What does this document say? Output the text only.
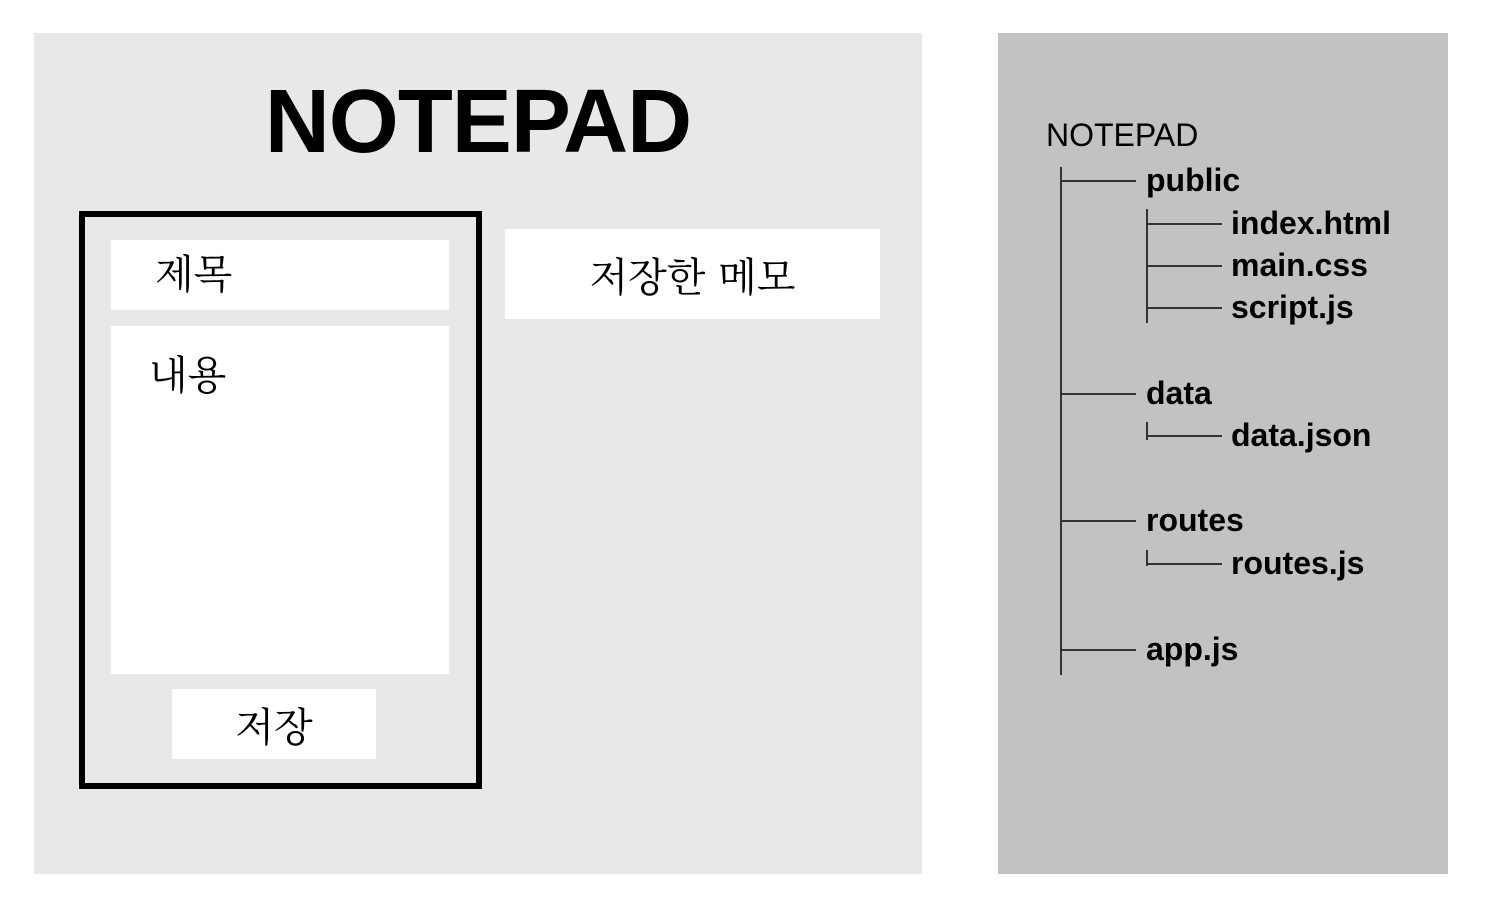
NOTEPAD
제목
내용
저장
저장한 메모
NOTEPAD
public
index.html
main.css
script.js
data
data.json
routes
routes.js
app.js
